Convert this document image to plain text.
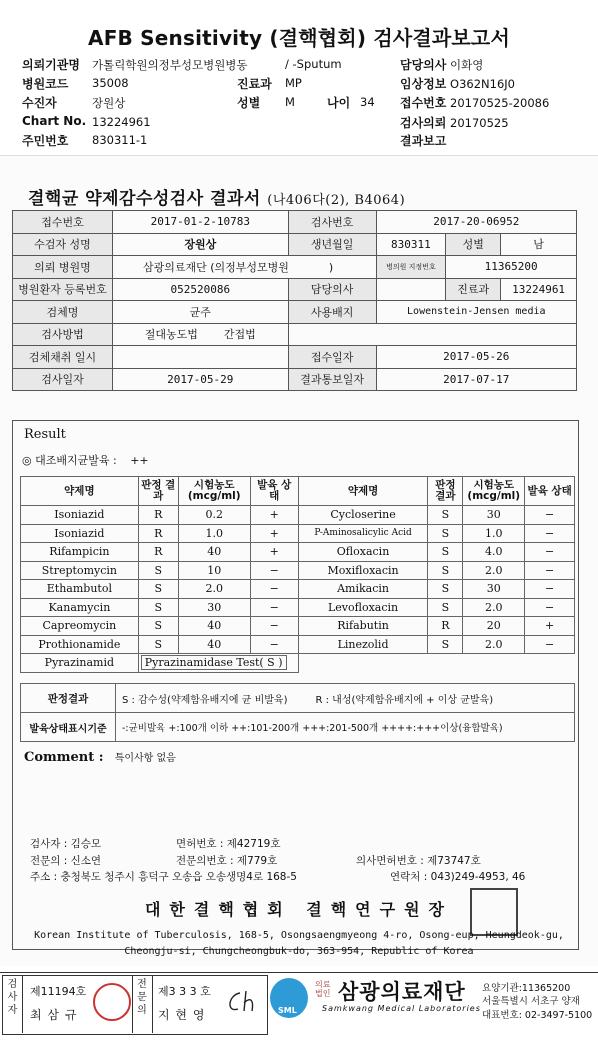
AFB Sensitivity (결핵협회) 검사결과보고서
의뢰기관명 가톨릭학원의정부성모병원병동	/ -Sputum
병원코드 35008	진료과 MP
수진자	장원상	성별 M	나이 34
Chart No. 13224961
주민번호 830311-1
담당의사 이화영
임상정보 O362N16J0
접수번호 20170525-20086
검사의뢰 20170525
결과보고
결핵균 약제감수성검사 결과서 (나406다(2), B4064)
접수번호	2017-01-2-10783	검사번호	2017-20-06952		
수검자 성명	장원상	생년월일	830311	성별	남
의뢰 병원명	삼광의료재단 (의정부성모병원 )		병의원 지정번호	11365200	
병원환자 등록번호	052520086	담당의사		진료과	13224961
검체명	균주	사용배지	Lowenstein-Jensen media		
검사방법	절대농도법 간접법				
검체채취 일시		접수일자	2017-05-26		
검사일자	2017-05-29	결과통보일자	2017-07-17		
Result
◎ 대조배지균발육 : ++
약제명	판정 결과	시험농도 (mcg/ml)	발육 상태	약제명	판정 결과	시험농도 (mcg/ml)	발육 상태
Isoniazid	R	0.2	+	Cycloserine	S	30	−
Isoniazid	R	1.0	+	P-Aminosalicylic Acid	S	1.0	−
Rifampicin	R	40	+	Ofloxacin	S	4.0	−
Streptomycin	S	10	−	Moxifloxacin	S	2.0	−
Ethambutol	S	2.0	−	Amikacin	S	30	−
Kanamycin	S	30	−	Levofloxacin	S	2.0	−
Capreomycin	S	40	−	Rifabutin	R	20	+
Prothionamide	S	40	−	Linezolid	S	2.0	−
Pyrazinamid	Pyrazinamidase Test( S )						
판정결과	S : 감수성(약제함유배지에 균 비발육) R : 내성(약제함유배지에 + 이상 균발육)
발육상태표시기준	-:균비발육 +:100개 이하 ++:101-200개 +++:201-500개 ++++:+++이상(융합발육)
Comment : 특이사항 없음
검사자 : 김승모	면허번호 : 제42719호
전문의 : 신소연	전문의번호 : 제779호	의사면허번호 : 제73747호
주소 : 충청북도 청주시 흥덕구 오송읍 오송생명4로 168-5	연락처 : 043)249-4953, 46
대한결핵협회 결핵연구원장
Korean Institute of Tuberculosis, 168-5, Osongsaengmyeong 4-ro, Osong-eup, Heungdeok-gu,
Cheongju-si, Chungcheongbuk-do, 363-954, Republic of Korea
검사자
제11194호
최 삼 규
전문의
제3 3 3 호
지 현 영	SML
의료
법인 삼광의료재단
Samkwang Medical Laboratories
요양기관:11365200
서울특별시 서초구 양재
대표번호: 02-3497-5100
